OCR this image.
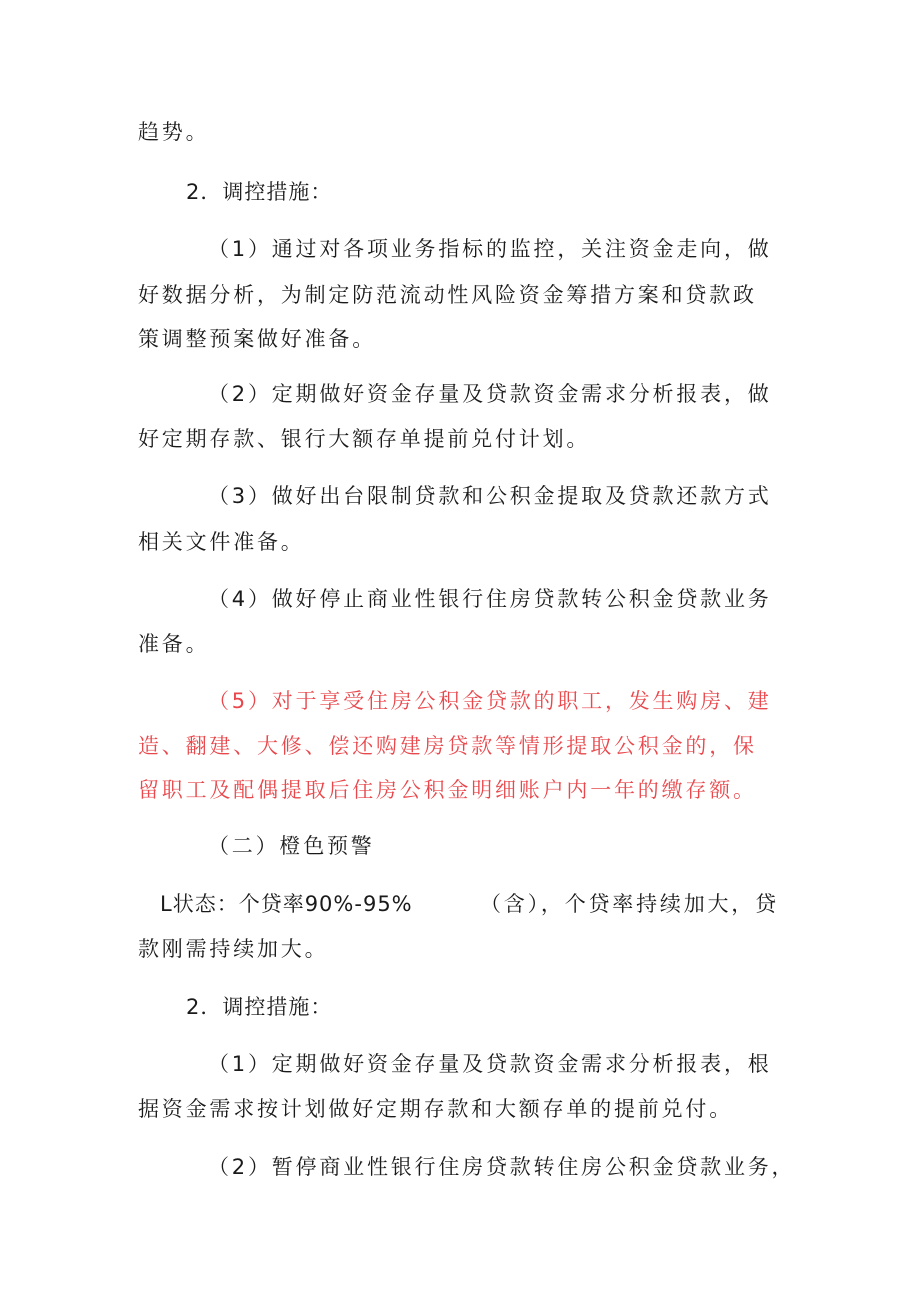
趋势。
2．调控措施：
（1）通过对各项业务指标的监控，关注资金走向，做
好数据分析，为制定防范流动性风险资金筹措方案和贷款政
策调整预案做好准备。
（2）定期做好资金存量及贷款资金需求分析报表，做
好定期存款、银行大额存单提前兑付计划。
（3）做好出台限制贷款和公积金提取及贷款还款方式
相关文件准备。
（4）做好停止商业性银行住房贷款转公积金贷款业务
准备。
（5）对于享受住房公积金贷款的职工，发生购房、建
造、翻建、大修、偿还购建房贷款等情形提取公积金的，保
留职工及配偶提取后住房公积金明细账户内一年的缴存额。
（二）橙色预警
L状态：个贷率90%-95%	（含），个贷率持续加大，贷
款刚需持续加大。
2．调控措施：
（1）定期做好资金存量及贷款资金需求分析报表，根
据资金需求按计划做好定期存款和大额存单的提前兑付。
（2）暂停商业性银行住房贷款转住房公积金贷款业务，
